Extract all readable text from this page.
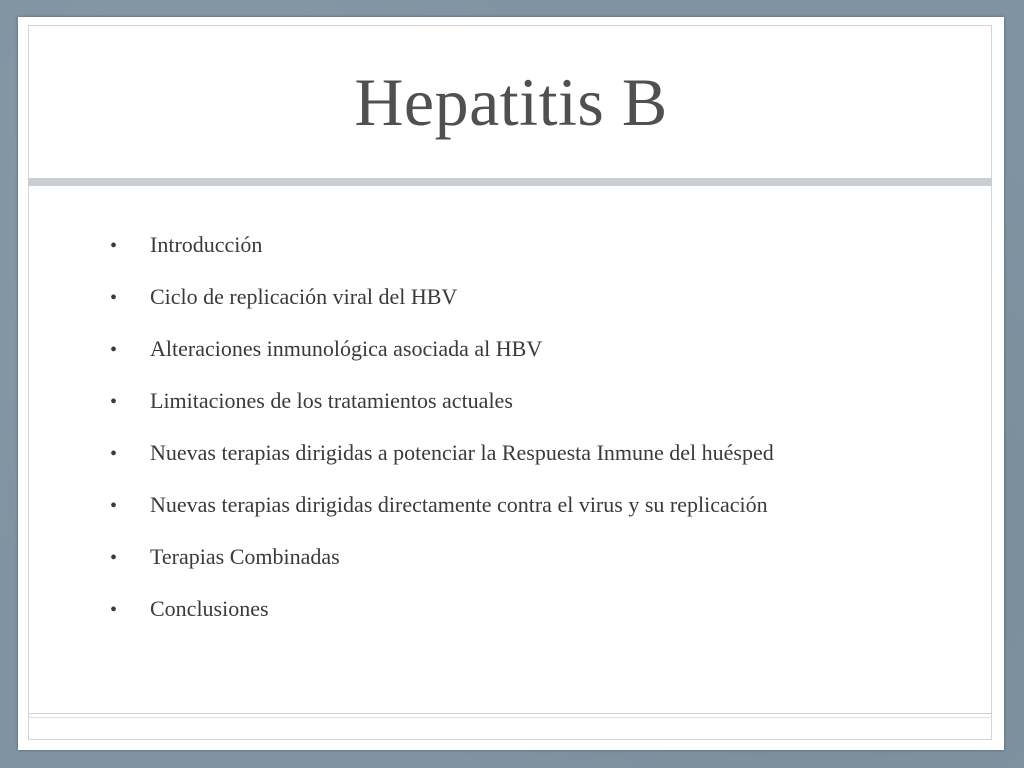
Hepatitis B
•	Introducción
•	Ciclo de replicación viral del HBV
•	Alteraciones inmunológica asociada al HBV
•	Limitaciones de los tratamientos actuales
•	Nuevas terapias dirigidas a potenciar la Respuesta Inmune del huésped
•	Nuevas terapias dirigidas directamente contra el virus y su replicación
•	Terapias Combinadas
•	Conclusiones
